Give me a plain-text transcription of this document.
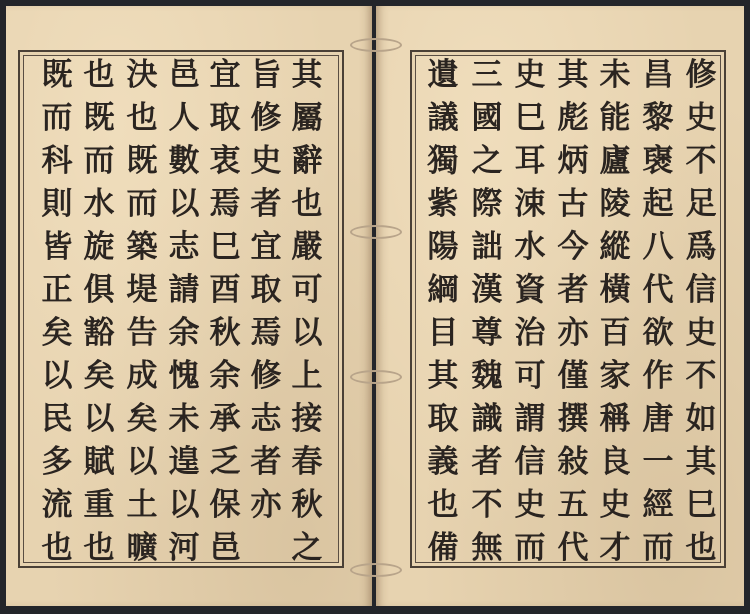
其
屬
辭
也
嚴
可
以
上
接
春
秋
之
旨
修
史
者
宜
取
焉
修
志
者
亦
宜
取
衷
焉
巳
酉
秋
余
承
乏
保
邑
邑
人
數
以
志
請
余
愧
未
遑
以
河
決
也
既
而
築
堤
告
成
矣
以
土
曠
也
既
而
水
旋
俱
豁
矣
以
賦
重
也
既
而
科
則
皆
正
矣
以
民
多
流
也
修
史
不
足
爲
信
史
不
如
其
巳
也
昌
黎
襃
起
八
代
欲
作
唐
一
經
而
未
能
廬
陵
縱
橫
百
家
稱
良
史
才
其
彪
炳
古
今
者
亦
僅
撰
敍
五
代
史
巳
耳
涑
水
資
治
可
謂
信
史
而
三
國
之
際
詘
漢
尊
魏
識
者
不
無
遺
議
獨
紫
陽
綱
目
其
取
義
也
備
